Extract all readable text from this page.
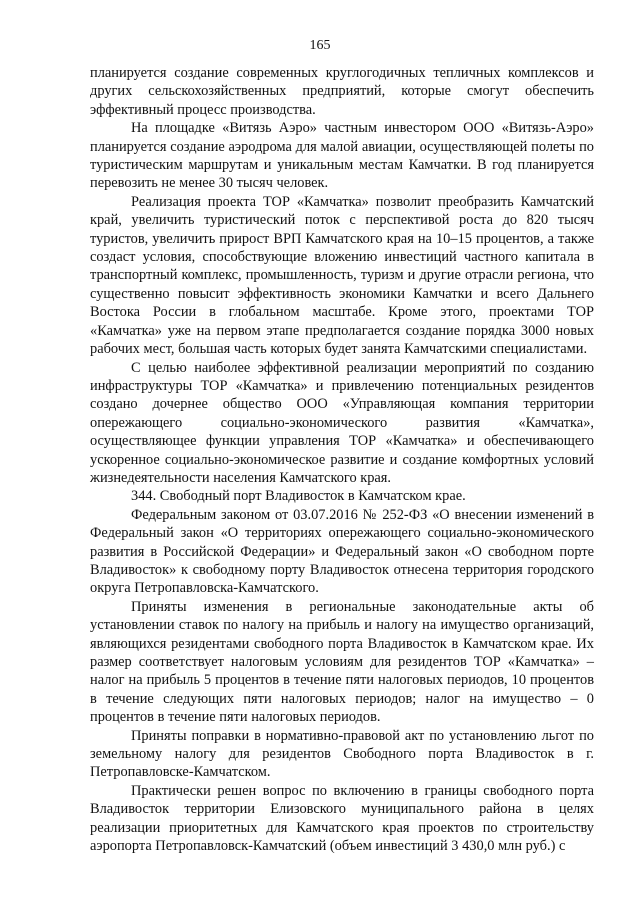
165

планируется создание современных круглогодичных тепличных комплексов и других сельскохозяйственных предприятий, которые смогут обеспечить эффективный процесс производства.

На площадке «Витязь Аэро» частным инвестором ООО «Витязь-Аэро» планируется создание аэродрома для малой авиации, осуществляющей полеты по туристическим маршрутам и уникальным местам Камчатки. В год планируется перевозить не менее 30 тысяч человек.

Реализация проекта ТОР «Камчатка» позволит преобразить Камчатский край, увеличить туристический поток с перспективой роста до 820 тысяч туристов, увеличить прирост ВРП Камчатского края на 10–15 процентов, а также создаст условия, способствующие вложению инвестиций частного капитала в транспортный комплекс, промышленность, туризм и другие отрасли региона, что существенно повысит эффективность экономики Камчатки и всего Дальнего Востока России в глобальном масштабе. Кроме этого, проектами ТОР «Камчатка» уже на первом этапе предполагается создание порядка 3000 новых рабочих мест, большая часть которых будет занята Камчатскими специалистами.

С целью наиболее эффективной реализации мероприятий по созданию инфраструктуры ТОР «Камчатка» и привлечению потенциальных резидентов создано дочернее общество ООО «Управляющая компания территории опережающего социально-экономического развития «Камчатка», осуществляющее функции управления ТОР «Камчатка» и обеспечивающего ускоренное социально-экономическое развитие и создание комфортных условий жизнедеятельности населения Камчатского края.

344. Свободный порт Владивосток в Камчатском крае.

Федеральным законом от 03.07.2016 № 252-ФЗ «О внесении изменений в Федеральный закон «О территориях опережающего социально-экономического развития в Российской Федерации» и Федеральный закон «О свободном порте Владивосток» к свободному порту Владивосток отнесена территория городского округа Петропавловска-Камчатского.

Приняты изменения в региональные законодательные акты об установлении ставок по налогу на прибыль и налогу на имущество организаций, являющихся резидентами свободного порта Владивосток в Камчатском крае. Их размер соответствует налоговым условиям для резидентов ТОР «Камчатка» – налог на прибыль 5 процентов в течение пяти налоговых периодов, 10 процентов в течение следующих пяти налоговых периодов; налог на имущество – 0 процентов в течение пяти налоговых периодов.

Приняты поправки в нормативно-правовой акт по установлению льгот по земельному налогу для резидентов Свободного порта Владивосток в г. Петропавловске-Камчатском.

Практически решен вопрос по включению в границы свободного порта Владивосток территории Елизовского муниципального района в целях реализации приоритетных для Камчатского края проектов по строительству аэропорта Петропавловск-Камчатский (объем инвестиций 3 430,0 млн руб.) с
